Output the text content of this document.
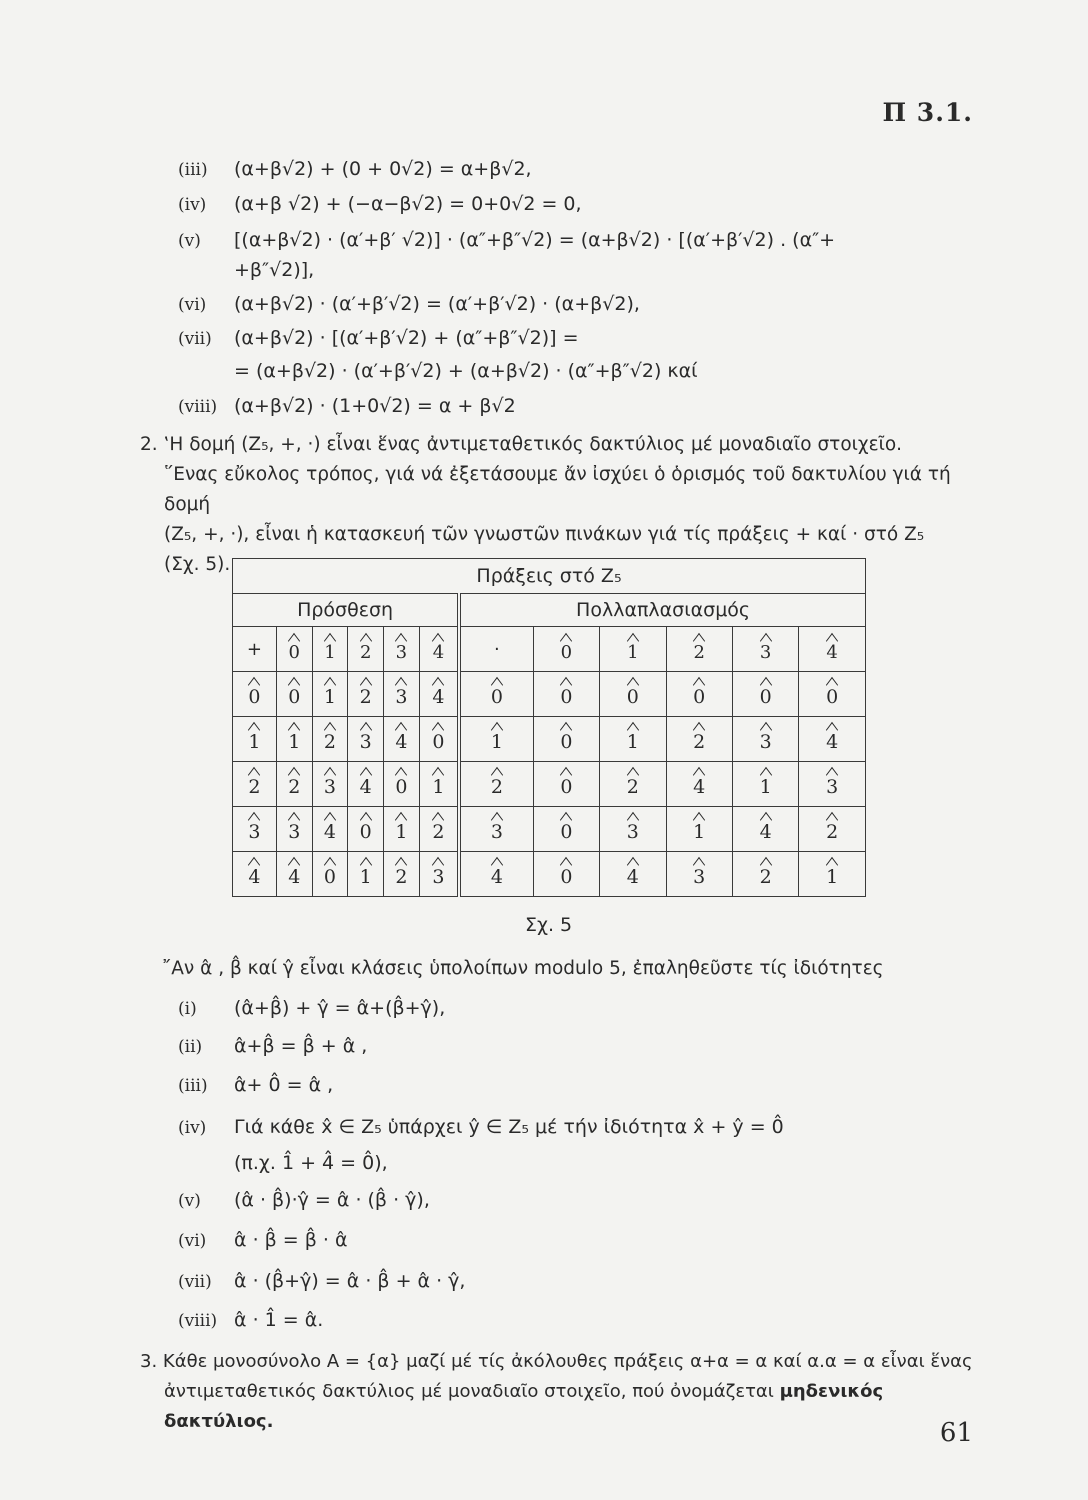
Π 3.1.
(iii) (α+β√2) + (0 + 0√2) = α+β√2,
(iv) (α+β √2) + (−α−β√2) = 0+0√2 = 0,
(v) [(α+β√2) · (α′+β′ √2)] · (α″+β″√2) = (α+β√2) · [(α′+β′√2) . (α″+
+β″√2)],
(vi) (α+β√2) · (α′+β′√2) = (α′+β′√2) · (α+β√2),
(vii) (α+β√2) · [(α′+β′√2) + (α″+β″√2)] =
= (α+β√2) · (α′+β′√2) + (α+β√2) · (α″+β″√2) καί
(viii) (α+β√2) · (1+0√2) = α + β√2
2. ‛Η δομή (Z₅, +, ·) εἶναι ἕνας ἀντιμεταθετικός δακτύλιος μέ μοναδιαῖο στοιχεῖο.
῞Ενας εὔκολος τρόπος, γιά νά ἐξετάσουμε ἄν ἰσχύει ὁ ὁρισμός τοῦ δακτυλίου γιά τή δομή
(Z₅, +, ·), εἶναι ἡ κατασκευή τῶν γνωστῶν πινάκων γιά τίς πράξεις + καί · στό Z₅
(Σχ. 5).
Πράξεις στό Z₅											
Πρόσθεση						Πολλαπλασιασμός					
+	0	1	2	3	4	·	0	1	2	3	4
0	0	1	2	3	4	0	0	0	0	0	0
1	1	2	3	4	0	1	0	1	2	3	4
2	2	3	4	0	1	2	0	2	4	1	3
3	3	4	0	1	2	3	0	3	1	4	2
4	4	0	1	2	3	4	0	4	3	2	1
Σχ. 5
῎Αν α̂ , β̂ καί γ̂ εἶναι κλάσεις ὑπολοίπων modulo 5, ἐπαληθεῦστε τίς ἰδιότητες
(i) (α̂+β̂) + γ̂ = α̂+(β̂+γ̂),
(ii) α̂+β̂ = β̂ + α̂ ,
(iii) α̂+ 0̂ = α̂ ,
(iv) Γιά κάθε x̂ ∈ Z₅ ὑπάρχει ŷ ∈ Z₅ μέ τήν ἰδιότητα x̂ + ŷ = 0̂
(π.χ. 1̂ + 4̂ = 0̂),
(v) (α̂ · β̂)·γ̂ = α̂ · (β̂ · γ̂),
(vi) α̂ · β̂ = β̂ · α̂
(vii) α̂ · (β̂+γ̂) = α̂ · β̂ + α̂ · γ̂,
(viii) α̂ · 1̂ = α̂.
3. Κάθε μονοσύνολο A = {α} μαζί μέ τίς ἀκόλουθες πράξεις α+α = α καί α.α = α εἶναι ἕνας
ἀντιμεταθετικός δακτύλιος μέ μοναδιαῖο στοιχεῖο, πού ὀνομάζεται μηδενικός δακτύλιος.	61
